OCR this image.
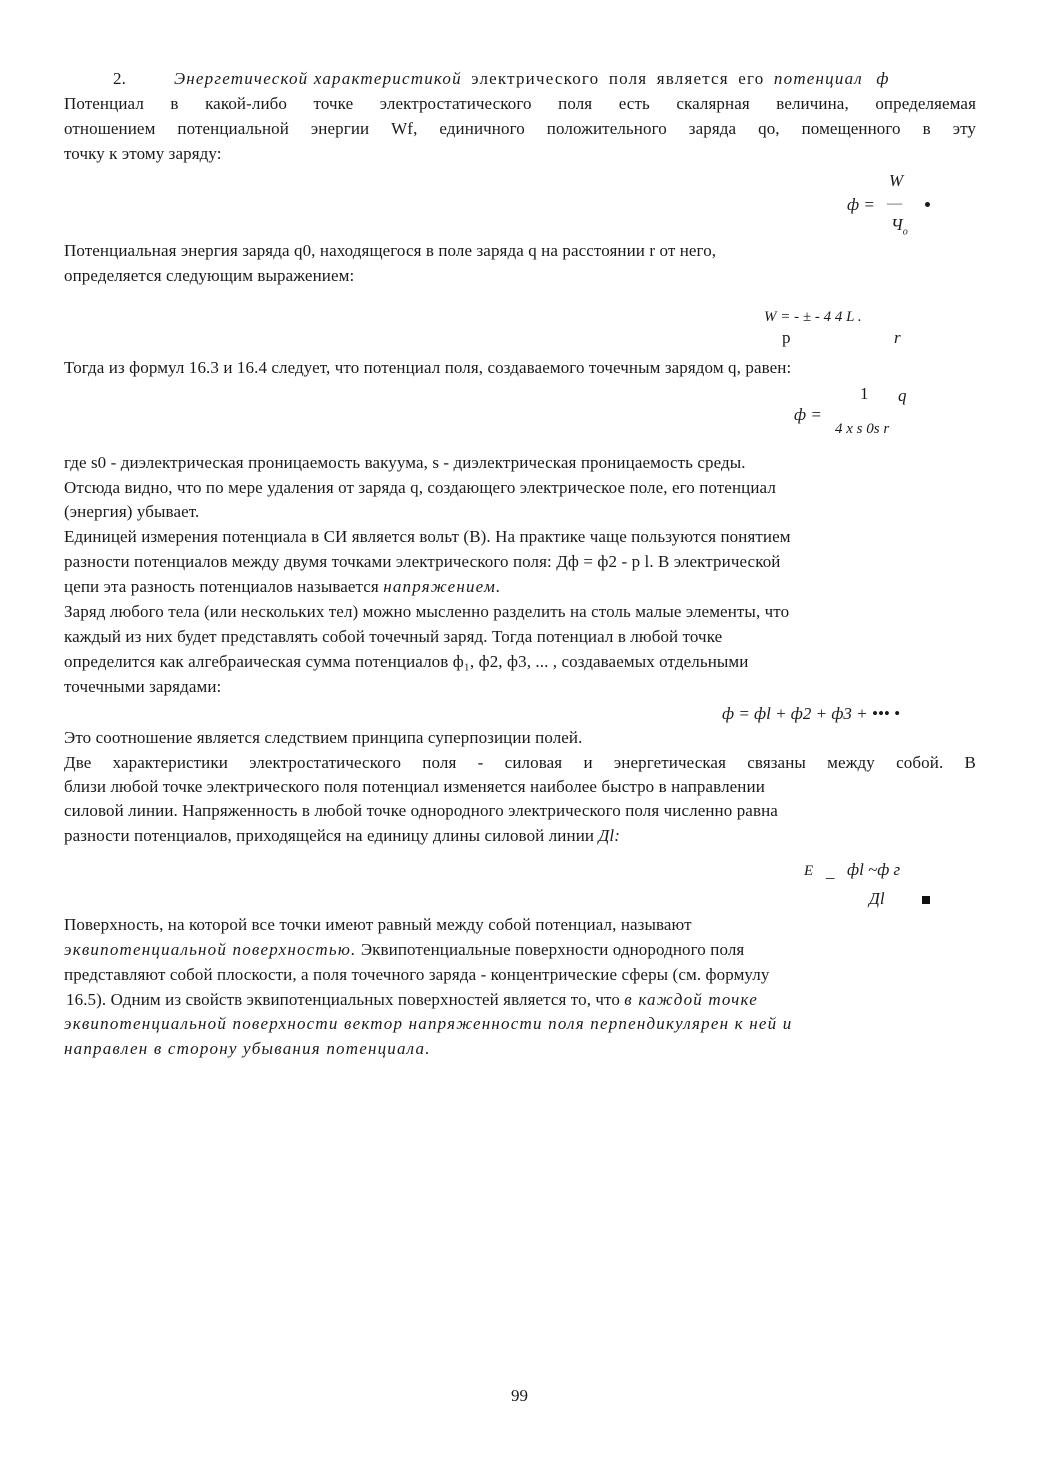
2.	Энергетической характеристикой электрического поля является его потенциал ф
Потенциал в какой-либо точке электростатического поля есть скалярная величина, определяемая
отношением потенциальной энергии Wf, единичного положительного заряда qo, помещенного в эту
точку к этому заряду:
W
ф = —
$Ч_о$
Потенциальная энергия заряда q0, находящегося в поле заряда q на расстоянии r от него,
определяется следующим выражением:
W = - ± - 4 4 L .
p	r
Тогда из формул 16.3 и 16.4 следует, что потенциал поля, создаваемого точечным зарядом q, равен:
1 q
ф =
4 x s 0s r
где s0 - диэлектрическая проницаемость вакуума, s - диэлектрическая проницаемость среды.
Отсюда видно, что по мере удаления от заряда q, создающего электрическое поле, его потенциал
(энергия) убывает.
Единицей измерения потенциала в СИ является вольт (В). На практике чаще пользуются понятием
разности потенциалов между двумя точками электрического поля: Дф = ф2 - р l. В электрической
цепи эта разность потенциалов называется напряжением.
Заряд любого тела (или нескольких тел) можно мысленно разделить на столь малые элементы, что
каждый из них будет представлять собой точечный заряд. Тогда потенциал в любой точке
определится как алгебраическая сумма потенциалов ф₁, ф2, ф3, ... , создаваемых отдельными
точечными зарядами:
ф = фl + ф2 + ф3 + ••• •
Это соотношение является следствием принципа суперпозиции полей.
Две характеристики электростатического поля - силовая и энергетическая связаны между собой. В
близи любой точке электрического поля потенциал изменяется наиболее быстро в направлении
силовой линии. Напряженность в любой точке однородного электрического поля численно равна
разности потенциалов, приходящейся на единицу длины силовой линии Дl:
E _ фl ~ф г
Дl
Поверхность, на которой все точки имеют равный между собой потенциал, называют
эквипотенциальной поверхностью. Эквипотенциальные поверхности однородного поля
представляют собой плоскости, а поля точечного заряда - концентрические сферы (см. формулу
16.5). Одним из свойств эквипотенциальных поверхностей является то, что в каждой точке
эквипотенциальной поверхности вектор напряженности поля перпендикулярен к ней и
направлен в сторону убывания потенциала.
99
